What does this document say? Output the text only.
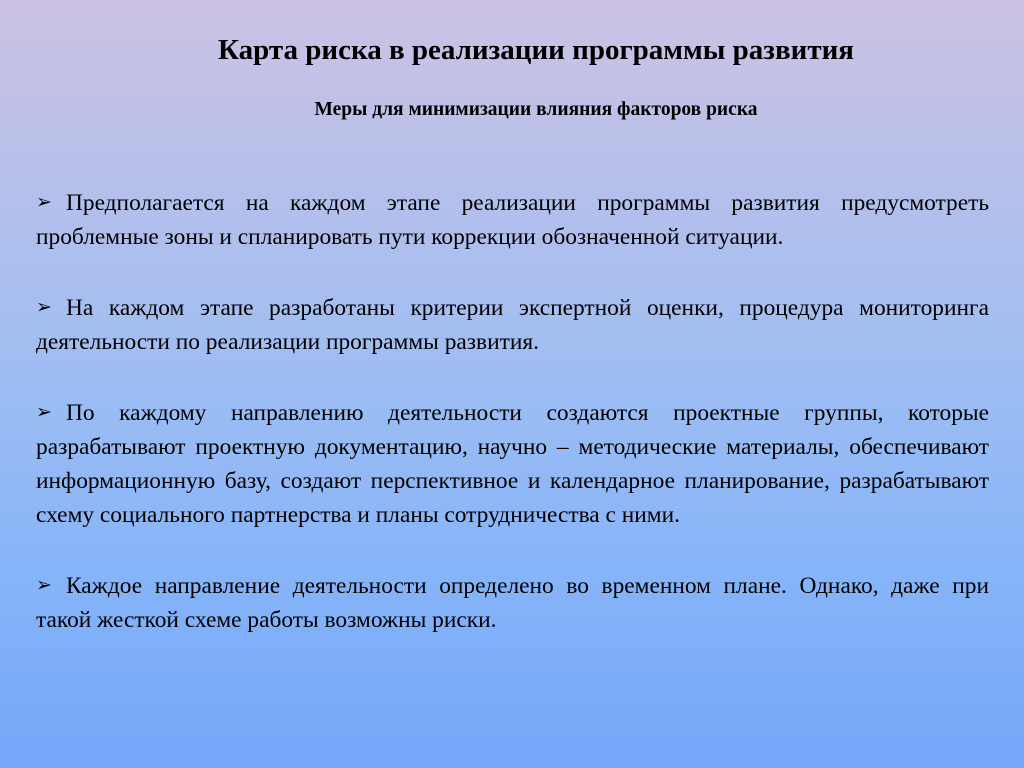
Карта риска в реализации программы развития
Меры для минимизации влияния факторов риска
➢ Предполагается на каждом этапе реализации программы развития предусмотреть проблемные зоны и спланировать пути коррекции обозначенной ситуации.
➢ На каждом этапе разработаны критерии экспертной оценки, процедура мониторинга деятельности по реализации программы развития.
➢ По каждому направлению деятельности создаются проектные группы, которые разрабатывают проектную документацию, научно – методические материалы, обеспечивают информационную базу, создают перспективное и календарное планирование, разрабатывают схему социального партнерства и планы сотрудничества с ними.
➢ Каждое направление деятельности определено во временном плане. Однако, даже при такой жесткой схеме работы возможны риски.
